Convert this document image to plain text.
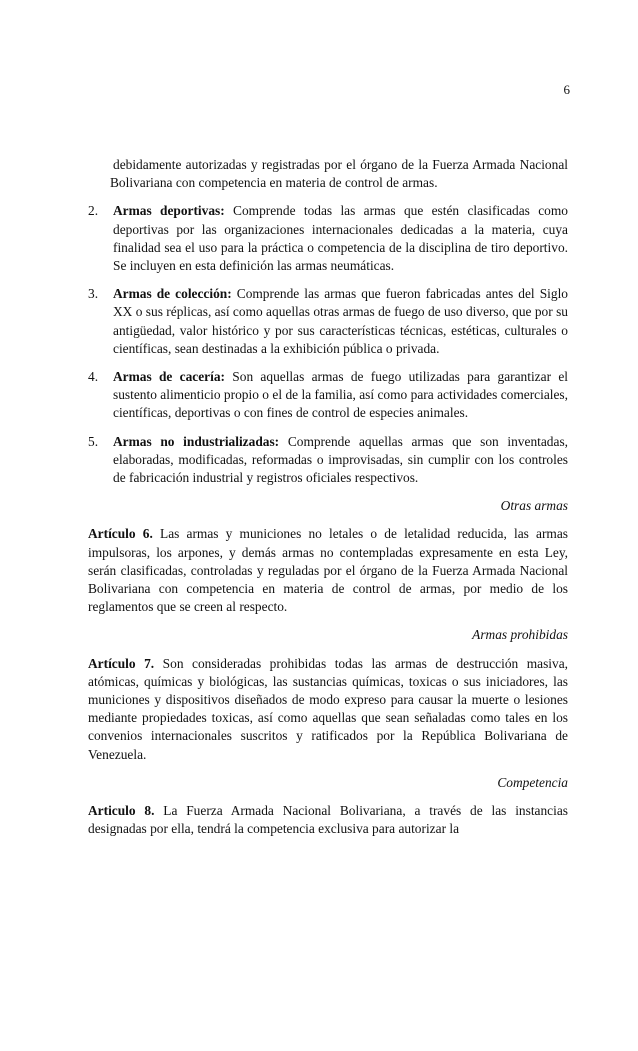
6

debidamente autorizadas y registradas por el órgano de la Fuerza Armada Nacional Bolivariana con competencia en materia de control de armas.

2.	Armas deportivas: Comprende todas las armas que estén clasificadas como deportivas por las organizaciones internacionales dedicadas a la materia, cuya finalidad sea el uso para la práctica o competencia de la disciplina de tiro deportivo. Se incluyen en esta definición las armas neumáticas.
3.	Armas de colección: Comprende las armas que fueron fabricadas antes del Siglo XX o sus réplicas, así como aquellas otras armas de fuego de uso diverso, que por su antigüedad, valor histórico y por sus características técnicas, estéticas, culturales o científicas, sean destinadas a la exhibición pública o privada.
4.	Armas de cacería: Son aquellas armas de fuego utilizadas para garantizar el sustento alimenticio propio o el de la familia, así como para actividades comerciales, científicas, deportivas o con fines de control de especies animales.
5.	Armas no industrializadas: Comprende aquellas armas que son inventadas, elaboradas, modificadas, reformadas o improvisadas, sin cumplir con los controles de fabricación industrial y registros oficiales respectivos.

Otras armas

Artículo 6. Las armas y municiones no letales o de letalidad reducida, las armas impulsoras, los arpones, y demás armas no contempladas expresamente en esta Ley, serán clasificadas, controladas y reguladas por el órgano de la Fuerza Armada Nacional Bolivariana con competencia en materia de control de armas, por medio de los reglamentos que se creen al respecto.

Armas prohibidas

Artículo 7. Son consideradas prohibidas todas las armas de destrucción masiva, atómicas, químicas y biológicas, las sustancias químicas, toxicas o sus iniciadores, las municiones y dispositivos diseñados de modo expreso para causar la muerte o lesiones mediante propiedades toxicas, así como aquellas que sean señaladas como tales en los convenios internacionales suscritos y ratificados por la República Bolivariana de Venezuela.

Competencia

Articulo 8. La Fuerza Armada Nacional Bolivariana, a través de las instancias designadas por ella, tendrá la competencia exclusiva para autorizar la
